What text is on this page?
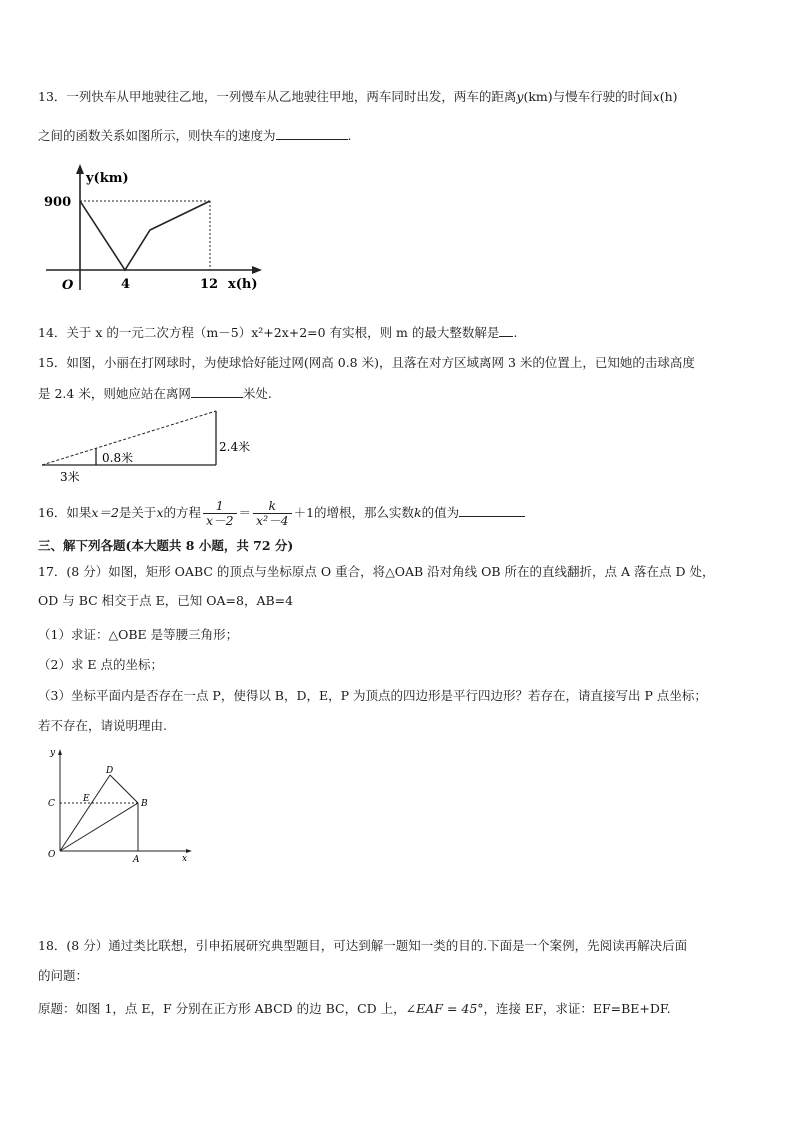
13．一列快车从甲地驶往乙地，一列慢车从乙地驶往甲地，两车同时出发，两车的距离y(km)与慢车行驶的时间x(h)
之间的函数关系如图所示，则快车的速度为	.
y(km)
900
O	4	12 x(h)
14．关于 x 的一元二次方程（m－5）x²+2x+2=0 有实根，则 m 的最大整数解是 .
15．如图，小丽在打网球时，为使球恰好能过网(网高 0.8 米)，且落在对方区域离网 3 米的位置上，已知她的击球高度
是 2.4 米，则她应站在离网	米处.
0.8米
2.4米
3米
16．如果x＝2是关于x的方程 $\frac{1}{x-2} = \frac{k}{\text{x²－4}} +1$的增根，那么实数k的值为
三、解下列各题(本大题共 8 小题，共 72 分)
17．(8 分）如图，矩形 OABC 的顶点与坐标原点 O 重合，将△OAB 沿对角线 OB 所在的直线翻折，点 A 落在点 D 处，
OD 与 BC 相交于点 E，已知 OA=8，AB=4
（1）求证：△OBE 是等腰三角形；
（2）求 E 点的坐标；
（3）坐标平面内是否存在一点 P，使得以 B，D，E，P 为顶点的四边形是平行四边形？若存在，请直接写出 P 点坐标；
若不存在，请说明理由.
y
x
O	A
B
C
D
E
18．(8 分）通过类比联想，引申拓展研究典型题目，可达到解一题知一类的目的.下面是一个案例，先阅读再解决后面
的问题：
原题：如图 1，点 E，F 分别在正方形 ABCD 的边 BC，CD 上，∠EAF = 45°，连接 EF，求证：EF=BE+DF.
